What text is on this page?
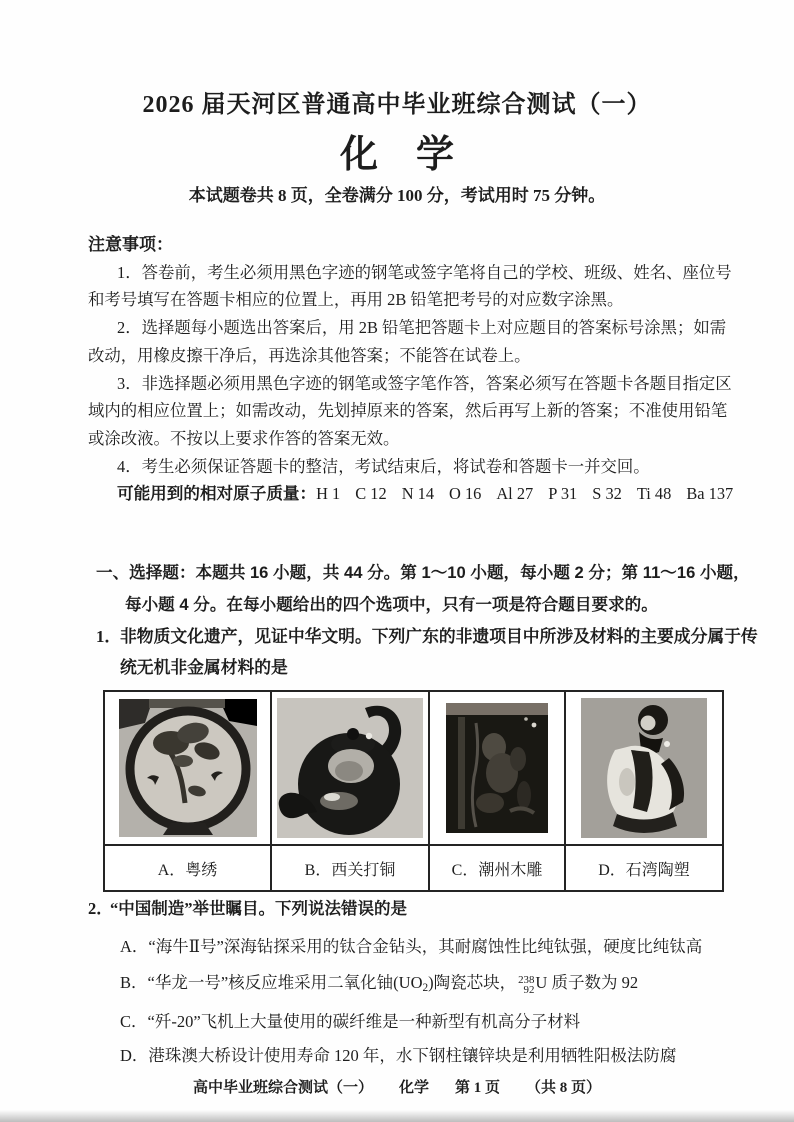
2026 届天河区普通高中毕业班综合测试（一）
化　学
本试题卷共 8 页，全卷满分 100 分，考试用时 75 分钟。
注意事项：

1．答卷前，考生必须用黑色字迹的钢笔或签字笔将自己的学校、班级、姓名、座位号和考号填写在答题卡相应的位置上，再用 2B 铅笔把考号的对应数字涂黑。

2．选择题每小题选出答案后，用 2B 铅笔把答题卡上对应题目的答案标号涂黑；如需改动，用橡皮擦干净后，再选涂其他答案；不能答在试卷上。

3．非选择题必须用黑色字迹的钢笔或签字笔作答，答案必须写在答题卡各题目指定区域内的相应位置上；如需改动，先划掉原来的答案，然后再写上新的答案；不准使用铅笔或涂改液。不按以上要求作答的答案无效。

4．考生必须保证答题卡的整洁，考试结束后，将试卷和答题卡一并交回。

可能用到的相对原子质量：H 1 C 12 N 14 O 16 Al 27 P 31 S 32 Ti 48 Ba 137

一、选择题：本题共 16 小题，共 44 分。第 1～10 小题，每小题 2 分；第 11～16 小题，每小题 4 分。在每小题给出的四个选项中，只有一项是符合题目要求的。

1．非物质文化遗产，见证中华文明。下列广东的非遗项目中所涉及材料的主要成分属于传统无机非金属材料的是

A．粤绣	B．西关打铜	C．潮州木雕	D．石湾陶塑

2．“中国制造”举世瞩目。下列说法错误的是

A．“海牛Ⅱ号”深海钻探采用的钛合金钻头，其耐腐蚀性比纯钛强，硬度比纯钛高

B．“华龙一号”核反应堆采用二氧化铀$(UO_2)$陶瓷芯块， 238
92 U 质子数为 92

C．“歼-20”飞机上大量使用的碳纤维是一种新型有机高分子材料

D．港珠澳大桥设计使用寿命 120 年，水下钢柱镶锌块是利用牺牲阳极法防腐

高中毕业班综合测试（一） 化学 第 1 页 （共 8 页）
